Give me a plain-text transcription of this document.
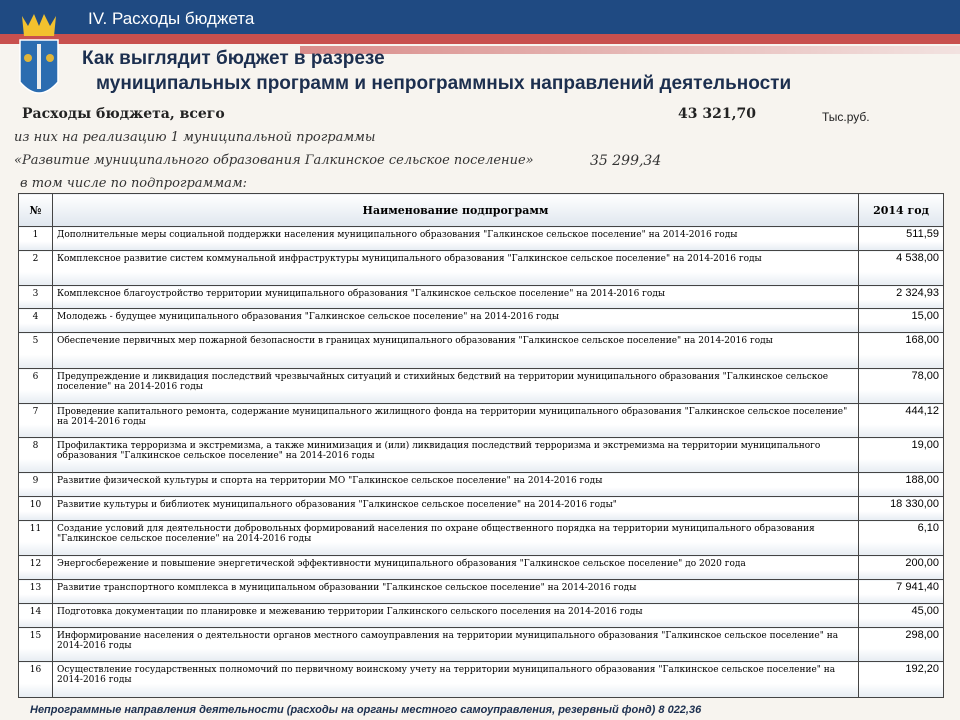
IV. Расходы бюджета
Как выглядит бюджет в разрезе
муниципальных программ и непрограммных направлений деятельности
Расходы бюджета, всего	43 321,70	Тыс.руб.
из них на реализацию 1 муниципальной программы
«Развитие муниципального образования Галкинское сельское поселение»	35 299,34
в том числе по подпрограммам:
№	Наименование подпрограмм	2014 год
1	Дополнительные меры социальной поддержки населения муниципального образования "Галкинское сельское поселение" на 2014-2016 годы	511,59
2	Комплексное развитие систем коммунальной инфраструктуры муниципального образования "Галкинское сельское поселение" на 2014-2016 годы	4 538,00
3	Комплексное благоустройство территории муниципального образования "Галкинское сельское поселение" на 2014-2016 годы	2 324,93
4	Молодежь - будущее муниципального образования "Галкинское сельское поселение" на 2014-2016 годы	15,00
5	Обеспечение первичных мер пожарной безопасности в границах муниципального образования "Галкинское сельское поселение" на 2014-2016 годы	168,00
6	Предупреждение и ликвидация последствий чрезвычайных ситуаций и стихийных бедствий на территории муниципального образования "Галкинское сельское поселение" на 2014-2016 годы	78,00
7	Проведение капитального ремонта, содержание муниципального жилищного фонда на территории муниципального образования "Галкинское сельское поселение" на 2014-2016 годы	444,12
8	Профилактика терроризма и экстремизма, а также минимизация и (или) ликвидация последствий терроризма и экстремизма на территории муниципального образования "Галкинское сельское поселение" на 2014-2016 годы	19,00
9	Развитие физической культуры и спорта на территории МО "Галкинское сельское поселение" на 2014-2016 годы	188,00
10	Развитие культуры и библиотек муниципального образования "Галкинское сельское поселение" на 2014-2016 годы"	18 330,00
11	Создание условий для деятельности добровольных формирований населения по охране общественного порядка на территории муниципального образования "Галкинское сельское поселение" на 2014-2016 годы	6,10
12	Энергосбережение и повышение энергетической эффективности муниципального образования "Галкинское сельское поселение" до 2020 года	200,00
13	Развитие транспортного комплекса в муниципальном образовании "Галкинское сельское поселение" на 2014-2016 годы	7 941,40
14	Подготовка документации по планировке и межеванию территории Галкинского сельского поселения на 2014-2016 годы	45,00
15	Информирование населения о деятельности органов местного самоуправления на территории муниципального образования "Галкинское сельское поселение" на 2014-2016 годы	298,00
16	Осуществление государственных полномочий по первичному воинскому учету на территории муниципального образования "Галкинское сельское поселение" на 2014-2016 годы	192,20
Непрограммные направления деятельности (расходы на органы местного самоуправления, резервный фонд) 8 022,36
